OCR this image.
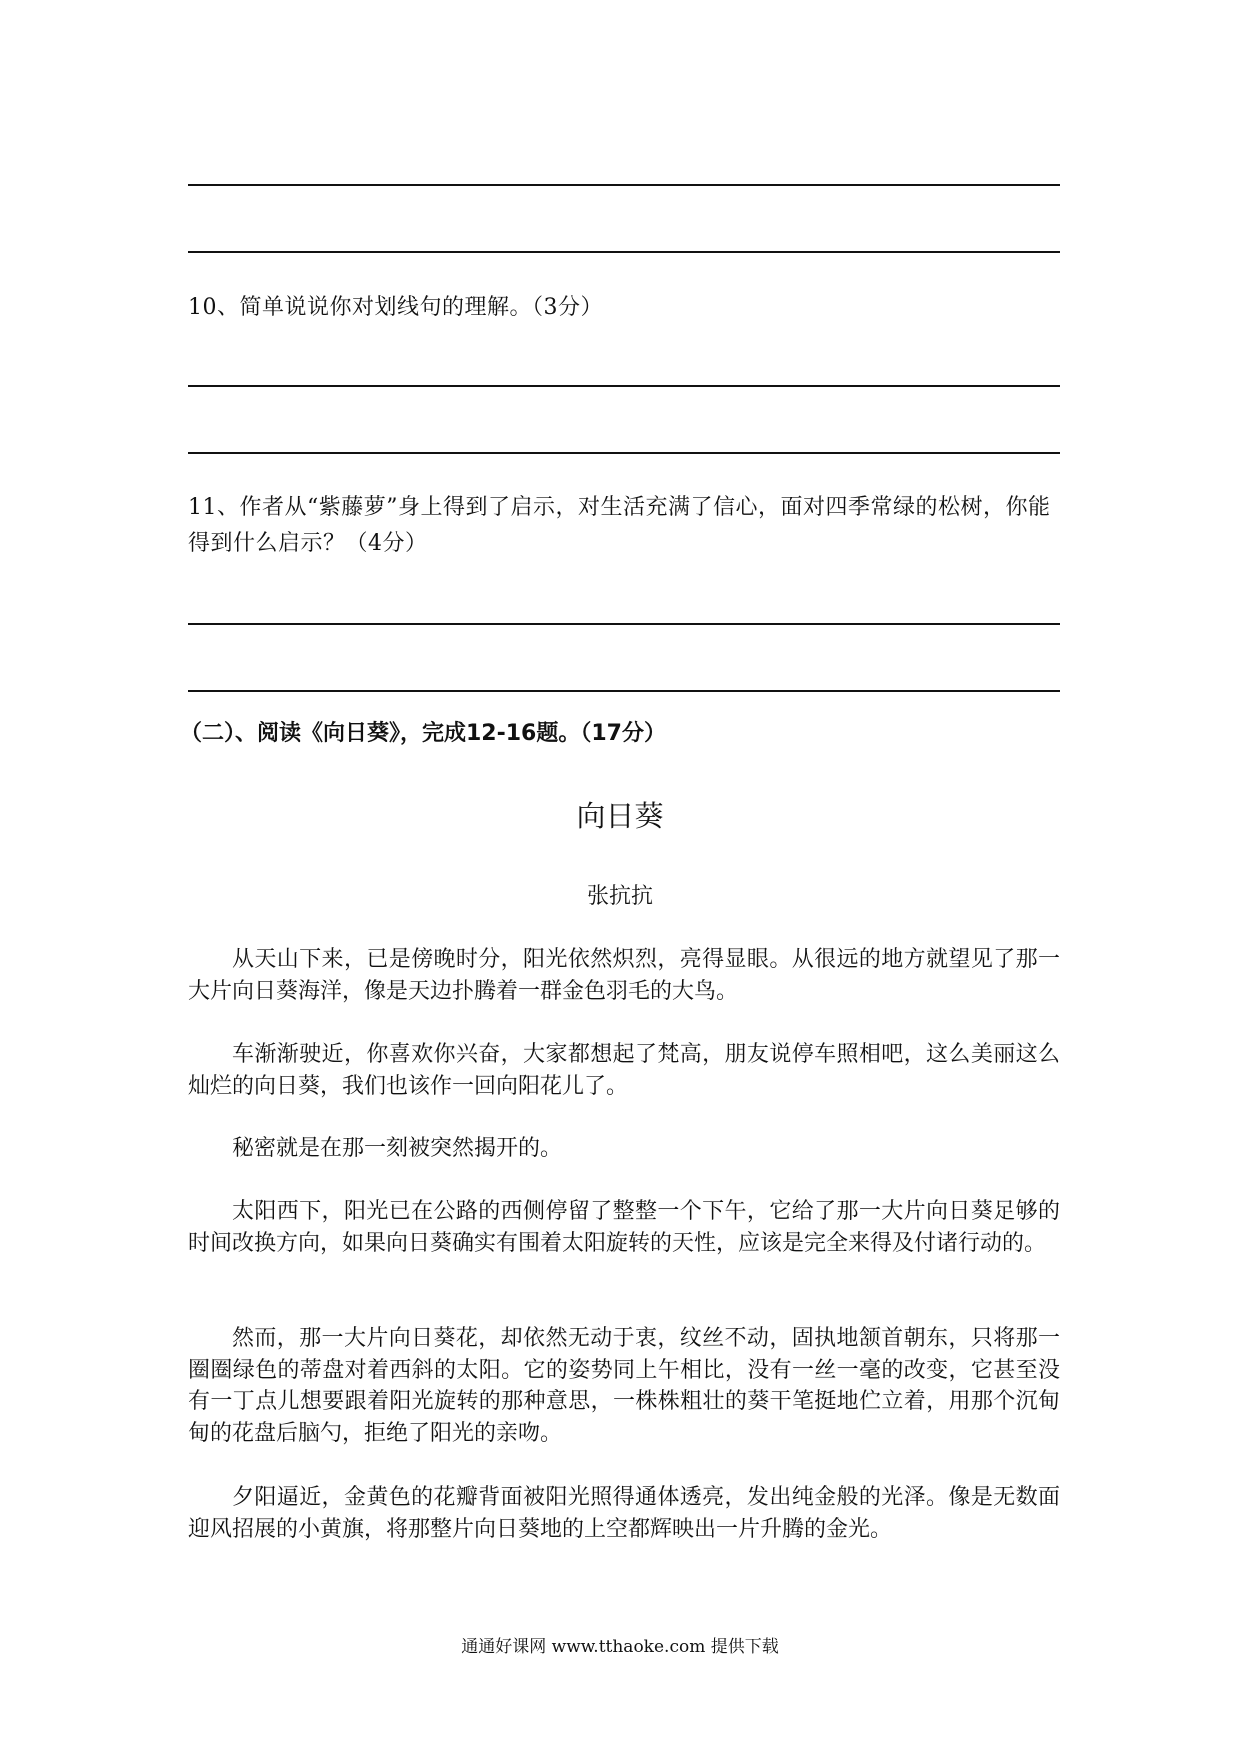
10、简单说说你对划线句的理解。（3分）
11、作者从“紫藤萝”身上得到了启示，对生活充满了信心，面对四季常绿的松树，你能得到什么启示？（4分）
（二）、阅读《向日葵》，完成12-16题。（17分）
向日葵
张抗抗
从天山下来，已是傍晚时分，阳光依然炽烈，亮得显眼。从很远的地方就望见了那一大片向日葵海洋，像是天边扑腾着一群金色羽毛的大鸟。
车渐渐驶近，你喜欢你兴奋，大家都想起了梵高，朋友说停车照相吧，这么美丽这么灿烂的向日葵，我们也该作一回向阳花儿了。
秘密就是在那一刻被突然揭开的。
太阳西下，阳光已在公路的西侧停留了整整一个下午，它给了那一大片向日葵足够的时间改换方向，如果向日葵确实有围着太阳旋转的天性，应该是完全来得及付诸行动的。
然而，那一大片向日葵花，却依然无动于衷，纹丝不动，固执地颔首朝东，只将那一圈圈绿色的蒂盘对着西斜的太阳。它的姿势同上午相比，没有一丝一毫的改变，它甚至没有一丁点儿想要跟着阳光旋转的那种意思，一株株粗壮的葵干笔挺地伫立着，用那个沉甸甸的花盘后脑勺，拒绝了阳光的亲吻。
夕阳逼近，金黄色的花瓣背面被阳光照得通体透亮，发出纯金般的光泽。像是无数面迎风招展的小黄旗，将那整片向日葵地的上空都辉映出一片升腾的金光。
通通好课网 www.tthaoke.com 提供下载
